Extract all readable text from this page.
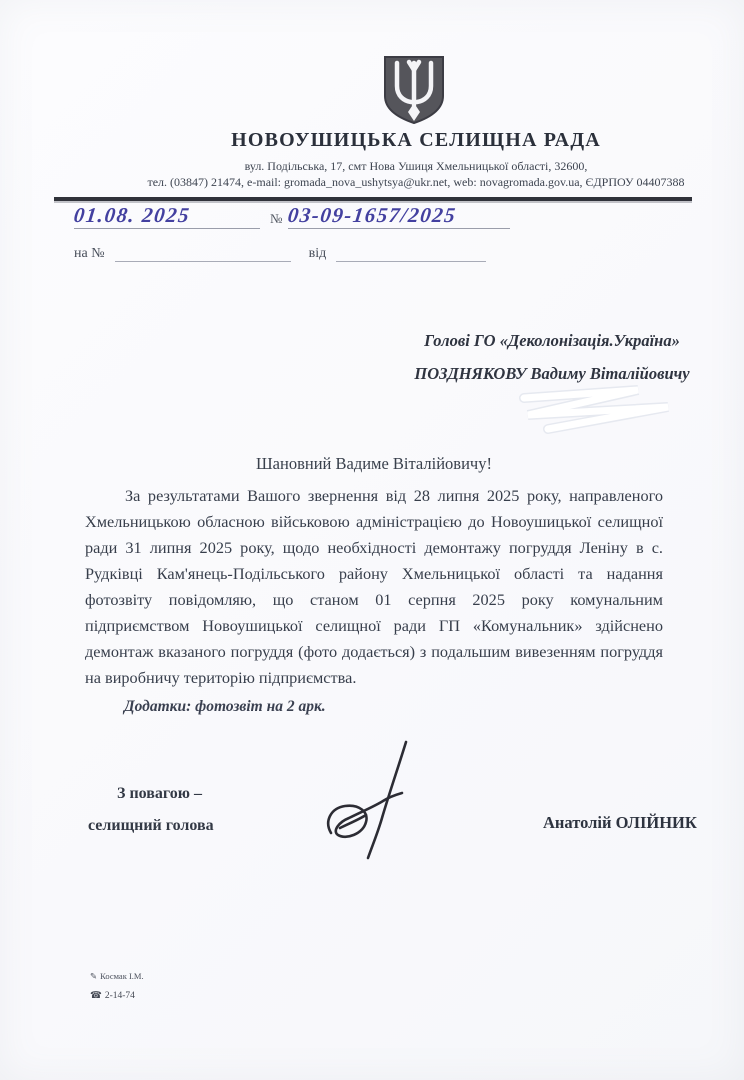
НОВОУШИЦЬКА СЕЛИЩНА РАДА
вул. Подільська, 17, смт Нова Ушиця Хмельницької області, 32600,
тел. (03847) 21474, e-mail: gromada_nova_ushytsya@ukr.net, web: novagromada.gov.ua, ЄДРПОУ 04407388
01.08. 2025	№ 03-09-1657/2025
на №	від
Голові ГО «Деколонізація.Україна»
ПОЗДНЯКОВУ Вадиму Віталійовичу
Шановний Вадиме Віталійовичу!
За результатами Вашого звернення від 28 липня 2025 року, направленого Хмельницькою обласною військовою адміністрацією до Новоушицької селищної ради 31 липня 2025 року, щодо необхідності демонтажу погруддя Леніну в с. Рудківці Кам'янець-Подільського району Хмельницької області та надання фотозвіту повідомляю, що станом 01 серпня 2025 року комунальним підприємством Новоушицької селищної ради ГП «Комунальник» здійснено демонтаж вказаного погруддя (фото додається) з подальшим вивезенням погруддя на виробничу територію підприємства.
Додатки: фотозвіт на 2 арк.
З повагою –
селищний голова	Анатолій ОЛІЙНИК
✎ Космак І.М.
☎ 2-14-74
